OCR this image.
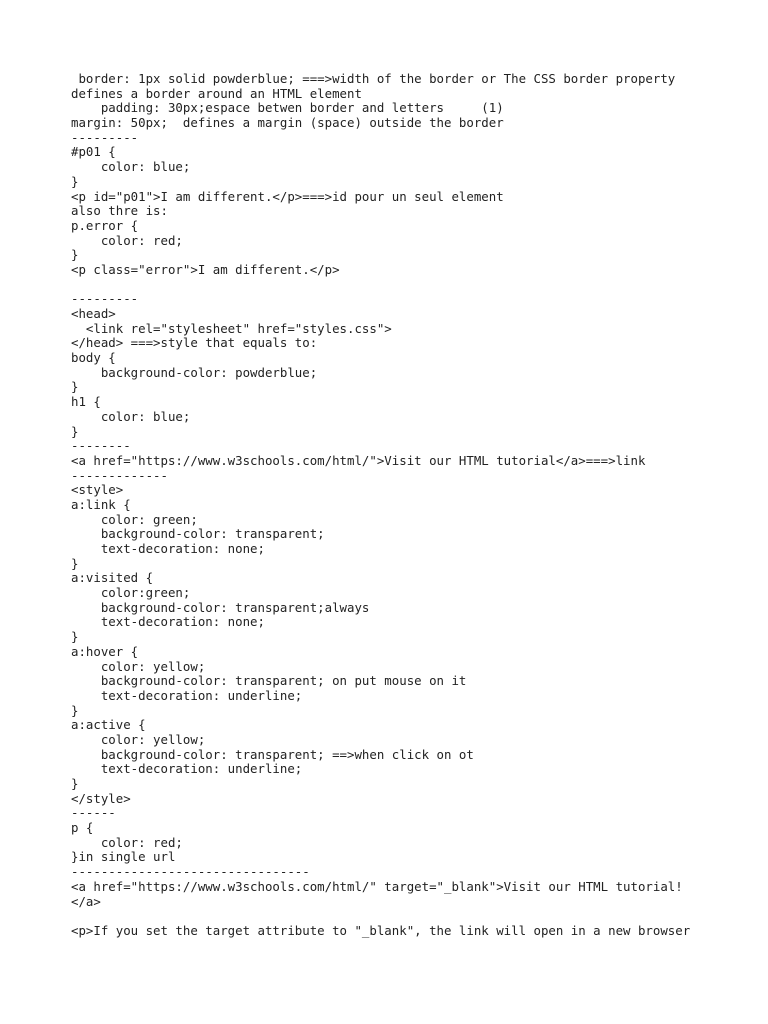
border: 1px solid powderblue; ===>width of the border or The CSS border property
defines a border around an HTML element
padding: 30px;espace betwen border and letters     (1)
margin: 50px;  defines a margin (space) outside the border
---------
#p01 {
color: blue;
}
<p id="p01">I am different.</p>===>id pour un seul element
also thre is:
p.error {
color: red;
}
<p class="error">I am different.</p>
---------
<head>
<link rel="stylesheet" href="styles.css">
</head> ===>style that equals to:
body {
background-color: powderblue;
}
h1 {
color: blue;
}
--------
<a href="https://www.w3schools.com/html/">Visit our HTML tutorial</a>===>link
-------------
<style>
a:link {
color: green;
background-color: transparent;
text-decoration: none;
}
a:visited {
color:green;
background-color: transparent;always
text-decoration: none;
}
a:hover {
color: yellow;
background-color: transparent; on put mouse on it
text-decoration: underline;
}
a:active {
color: yellow;
background-color: transparent; ==>when click on ot
text-decoration: underline;
}
</style>
------
p {
color: red;
}in single url
--------------------------------
<a href="https://www.w3schools.com/html/" target="_blank">Visit our HTML tutorial!
</a>
<p>If you set the target attribute to "_blank", the link will open in a new browser
